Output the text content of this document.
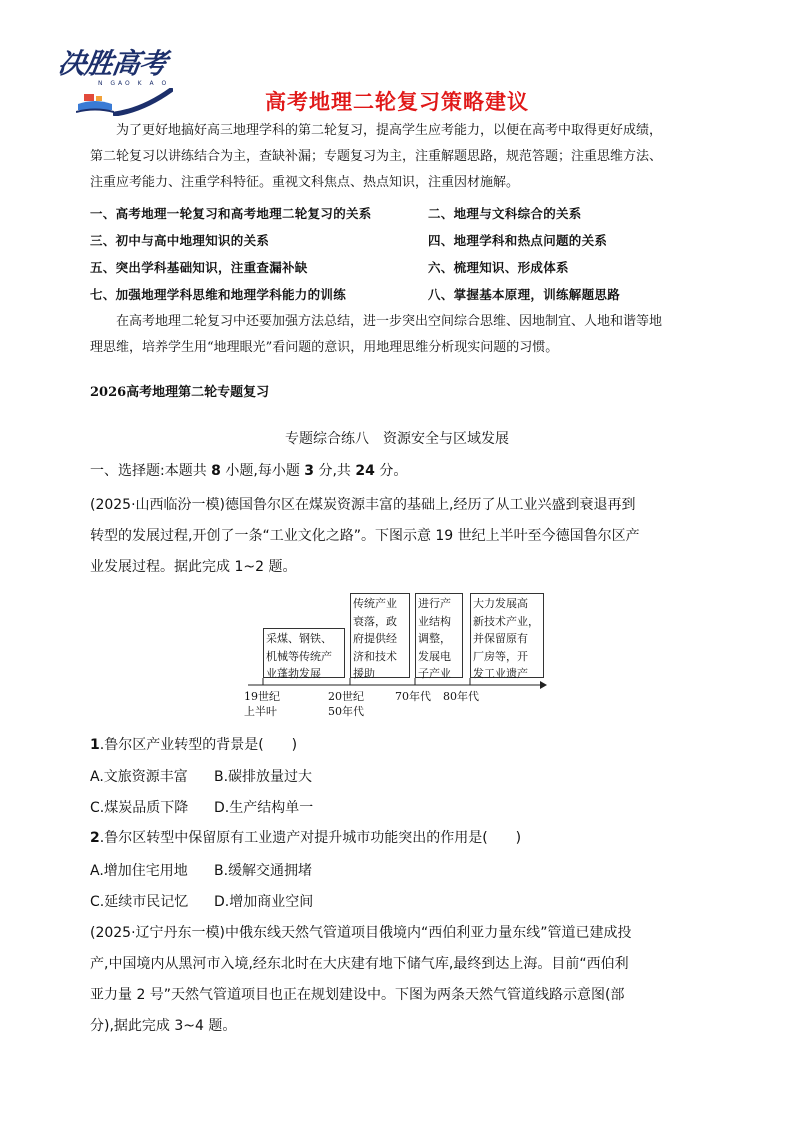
决胜高考
N GAO K A O
高考地理二轮复习策略建议
为了更好地搞好高三地理学科的第二轮复习，提高学生应考能力，以便在高考中取得更好成绩，
第二轮复习以讲练结合为主，查缺补漏；专题复习为主，注重解题思路，规范答题；注重思维方法、
注重应考能力、注重学科特征。重视文科焦点、热点知识，注重因材施解。
一、高考地理一轮复习和高考地理二轮复习的关系	二、地理与文科综合的关系
三、初中与高中地理知识的关系	四、地理学科和热点问题的关系
五、突出学科基础知识，注重查漏补缺	六、梳理知识、形成体系
七、加强地理学科思维和地理学科能力的训练	八、掌握基本原理，训练解题思路
在高考地理二轮复习中还要加强方法总结，进一步突出空间综合思维、因地制宜、人地和谐等地
理思维，培养学生用“地理眼光”看问题的意识，用地理思维分析现实问题的习惯。
2026高考地理第二轮专题复习
专题综合练八　资源安全与区域发展
一、选择题:本题共 8 小题,每小题 3 分,共 24 分。
(2025·山西临汾一模)德国鲁尔区在煤炭资源丰富的基础上,经历了从工业兴盛到衰退再到
转型的发展过程,开创了一条“工业文化之路”。下图示意 19 世纪上半叶至今德国鲁尔区产
业发展过程。据此完成 1~2 题。
采煤、钢铁、
机械等传统产
业蓬勃发展
传统产业
衰落，政
府提供经
济和技术
援助
进行产
业结构
调整，
发展电
子产业
大力发展高
新技术产业，
并保留原有
厂房等，开
发工业遗产
19世纪
上半叶
20世纪
50年代
70年代 80年代
1.鲁尔区产业转型的背景是(　　)
A.文旅资源丰富 B.碳排放量过大
C.煤炭品质下降 D.生产结构单一
2.鲁尔区转型中保留原有工业遗产对提升城市功能突出的作用是(　　)
A.增加住宅用地 B.缓解交通拥堵
C.延续市民记忆 D.增加商业空间
(2025·辽宁丹东一模)中俄东线天然气管道项目俄境内“西伯利亚力量东线”管道已建成投
产,中国境内从黑河市入境,经东北时在大庆建有地下储气库,最终到达上海。目前“西伯利
亚力量 2 号”天然气管道项目也正在规划建设中。下图为两条天然气管道线路示意图(部
分),据此完成 3~4 题。
